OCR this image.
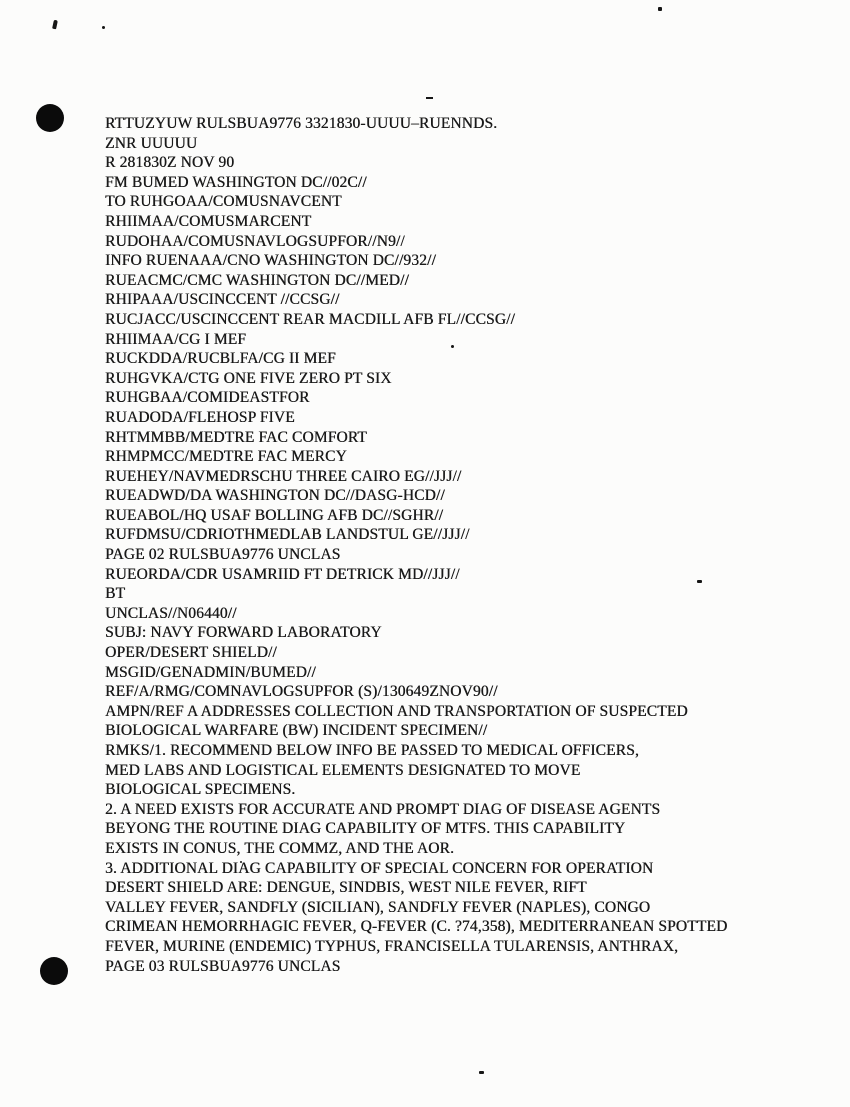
RTTUZYUW RULSBUA9776 3321830-UUUU–RUENNDS.
ZNR UUUUU
R 281830Z NOV 90
FM BUMED WASHINGTON DC//02C//
TO RUHGOAA/COMUSNAVCENT
RHIIMAA/COMUSMARCENT
RUDOHAA/COMUSNAVLOGSUPFOR//N9//
INFO RUENAAA/CNO WASHINGTON DC//932//
RUEACMC/CMC WASHINGTON DC//MED//
RHIPAAA/USCINCCENT //CCSG//
RUCJACC/USCINCCENT REAR MACDILL AFB FL//CCSG//
RHIIMAA/CG I MEF
RUCKDDA/RUCBLFA/CG II MEF
RUHGVKA/CTG ONE FIVE ZERO PT SIX
RUHGBAA/COMIDEASTFOR
RUADODA/FLEHOSP FIVE
RHTMMBB/MEDTRE FAC COMFORT
RHMPMCC/MEDTRE FAC MERCY
RUEHEY/NAVMEDRSCHU THREE CAIRO EG//JJJ//
RUEADWD/DA WASHINGTON DC//DASG-HCD//
RUEABOL/HQ USAF BOLLING AFB DC//SGHR//
RUFDMSU/CDRIOTHMEDLAB LANDSTUL GE//JJJ//
PAGE 02 RULSBUA9776 UNCLAS
RUEORDA/CDR USAMRIID FT DETRICK MD//JJJ//
BT
UNCLAS//N06440//
SUBJ: NAVY FORWARD LABORATORY
OPER/DESERT SHIELD//
MSGID/GENADMIN/BUMED//
REF/A/RMG/COMNAVLOGSUPFOR (S)/130649ZNOV90//
AMPN/REF A ADDRESSES COLLECTION AND TRANSPORTATION OF SUSPECTED
BIOLOGICAL WARFARE (BW) INCIDENT SPECIMEN//
RMKS/1. RECOMMEND BELOW INFO BE PASSED TO MEDICAL OFFICERS,
MED LABS AND LOGISTICAL ELEMENTS DESIGNATED TO MOVE
BIOLOGICAL SPECIMENS.
2. A NEED EXISTS FOR ACCURATE AND PROMPT DIAG OF DISEASE AGENTS
BEYONG THE ROUTINE DIAG CAPABILITY OF MTFS. THIS CAPABILITY
EXISTS IN CONUS, THE COMMZ, AND THE AOR.
3. ADDITIONAL DIAG CAPABILITY OF SPECIAL CONCERN FOR OPERATION
DESERT SHIELD ARE: DENGUE, SINDBIS, WEST NILE FEVER, RIFT
VALLEY FEVER, SANDFLY (SICILIAN), SANDFLY FEVER (NAPLES), CONGO
CRIMEAN HEMORRHAGIC FEVER, Q-FEVER (C. ?74,358), MEDITERRANEAN SPOTTED
FEVER, MURINE (ENDEMIC) TYPHUS, FRANCISELLA TULARENSIS, ANTHRAX,
PAGE 03 RULSBUA9776 UNCLAS
